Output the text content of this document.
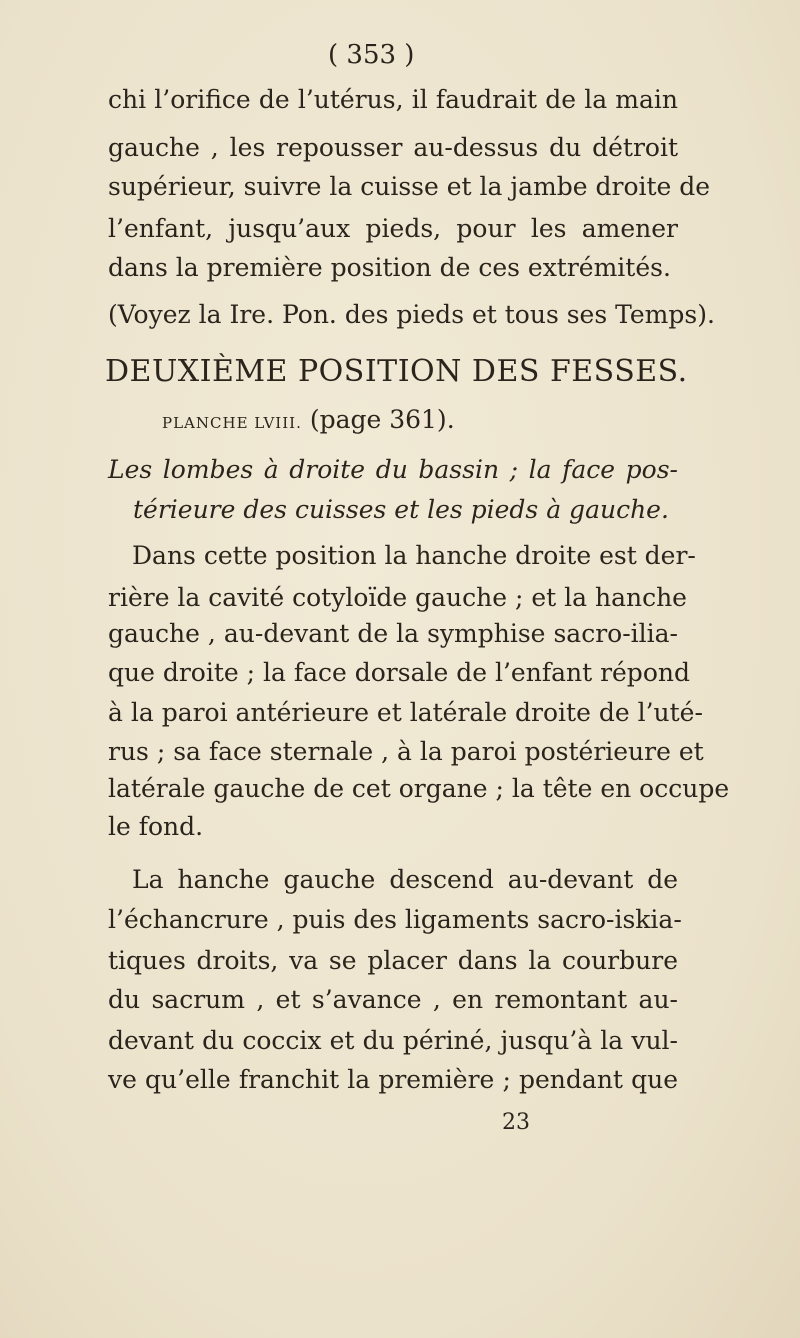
( 353 )
chi l’orifice de l’utérus, il faudrait de la main
gauche , les repousser au-dessus du détroit
supérieur, suivre la cuisse et la jambe droite de
l’enfant, jusqu’aux pieds, pour les amener
dans la première position de ces extrémités.
(Voyez la Ire. Pon. des pieds et tous ses Temps).
DEUXIÈME POSITION DES FESSES.
PLANCHE LVIII. (page 361).
Les lombes à droite du bassin ; la face pos-
térieure des cuisses et les pieds à gauche.
Dans cette position la hanche droite est der-
rière la cavité cotyloïde gauche ; et la hanche
gauche , au-devant de la symphise sacro-ilia-
que droite ; la face dorsale de l’enfant répond
à la paroi antérieure et latérale droite de l’uté-
rus ; sa face sternale , à la paroi postérieure et
latérale gauche de cet organe ; la tête en occupe
le fond.
La hanche gauche descend au-devant de
l’échancrure , puis des ligaments sacro-iskia-
tiques droits, va se placer dans la courbure
du sacrum , et s’avance , en remontant au-
devant du coccix et du périné, jusqu’à la vul-
ve qu’elle franchit la première ; pendant que
23
